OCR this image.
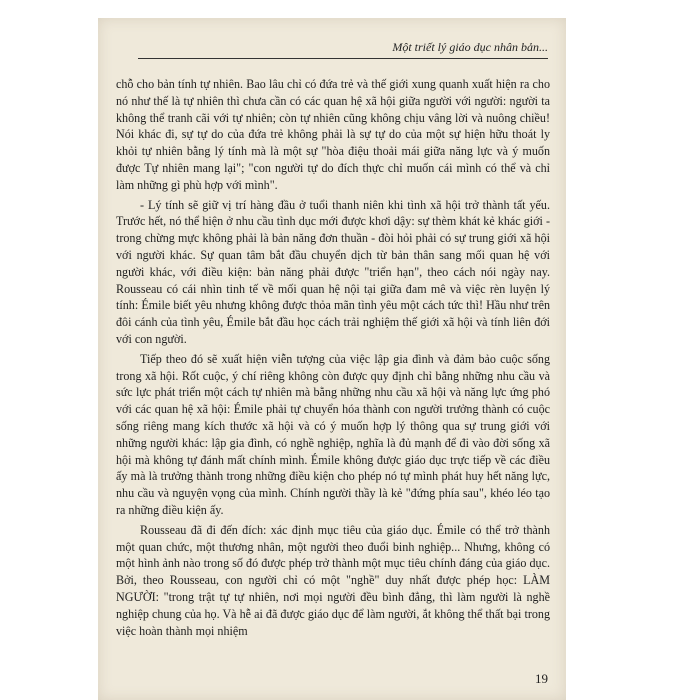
Một triết lý giáo dục nhân bản...

chỗ cho bản tính tự nhiên. Bao lâu chỉ có đứa trẻ và thế giới xung quanh xuất hiện ra cho nó như thế là tự nhiên thì chưa cần có các quan hệ xã hội giữa người với người: người ta không thể tranh cãi với tự nhiên; còn tự nhiên cũng không chịu vâng lời và nuông chiều! Nói khác đi, sự tự do của đứa trẻ không phải là sự tự do của một sự hiện hữu thoát ly khỏi tự nhiên bằng lý tính mà là một sự "hòa điệu thoải mái giữa năng lực và ý muốn được Tự nhiên mang lại"; "con người tự do đích thực chỉ muốn cái mình có thể và chỉ làm những gì phù hợp với mình".

- Lý tính sẽ giữ vị trí hàng đầu ở tuổi thanh niên khi tình xã hội trở thành tất yếu. Trước hết, nó thể hiện ở nhu cầu tình dục mới được khơi dậy: sự thèm khát kẻ khác giới - trong chừng mực không phải là bản năng đơn thuần - đòi hỏi phải có sự trung giới xã hội với người khác. Sự quan tâm bắt đầu chuyển dịch từ bản thân sang mối quan hệ với người khác, với điều kiện: bản năng phải được "triển hạn", theo cách nói ngày nay. Rousseau có cái nhìn tinh tế về mối quan hệ nội tại giữa đam mê và việc rèn luyện lý tính: Émile biết yêu nhưng không được thỏa mãn tình yêu một cách tức thì! Hầu như trên đôi cánh của tình yêu, Émile bắt đầu học cách trải nghiệm thế giới xã hội và tính liên đới với con người.

Tiếp theo đó sẽ xuất hiện viễn tượng của việc lập gia đình và đảm bảo cuộc sống trong xã hội. Rốt cuộc, ý chí riêng không còn được quy định chỉ bằng những nhu cầu và sức lực phát triển một cách tự nhiên mà bằng những nhu cầu xã hội và năng lực ứng phó với các quan hệ xã hội: Émile phải tự chuyển hóa thành con người trưởng thành có cuộc sống riêng mang kích thước xã hội và có ý muốn hợp lý thông qua sự trung giới với những người khác: lập gia đình, có nghề nghiệp, nghĩa là đủ mạnh để đi vào đời sống xã hội mà không tự đánh mất chính mình. Émile không được giáo dục trực tiếp về các điều ấy mà là trưởng thành trong những điều kiện cho phép nó tự mình phát huy hết năng lực, nhu cầu và nguyện vọng của mình. Chính người thầy là kẻ "đứng phía sau", khéo léo tạo ra những điều kiện ấy.

Rousseau đã đi đến đích: xác định mục tiêu của giáo dục. Émile có thể trở thành một quan chức, một thương nhân, một người theo đuổi binh nghiệp... Nhưng, không có một hình ảnh nào trong số đó được phép trở thành một mục tiêu chính đáng của giáo dục. Bởi, theo Rousseau, con người chỉ có một "nghề" duy nhất được phép học: LÀM NGƯỜI: "trong trật tự tự nhiên, nơi mọi người đều bình đẳng, thì làm người là nghề nghiệp chung của họ. Và hễ ai đã được giáo dục để làm người, ắt không thể thất bại trong việc hoàn thành mọi nhiệm

19
